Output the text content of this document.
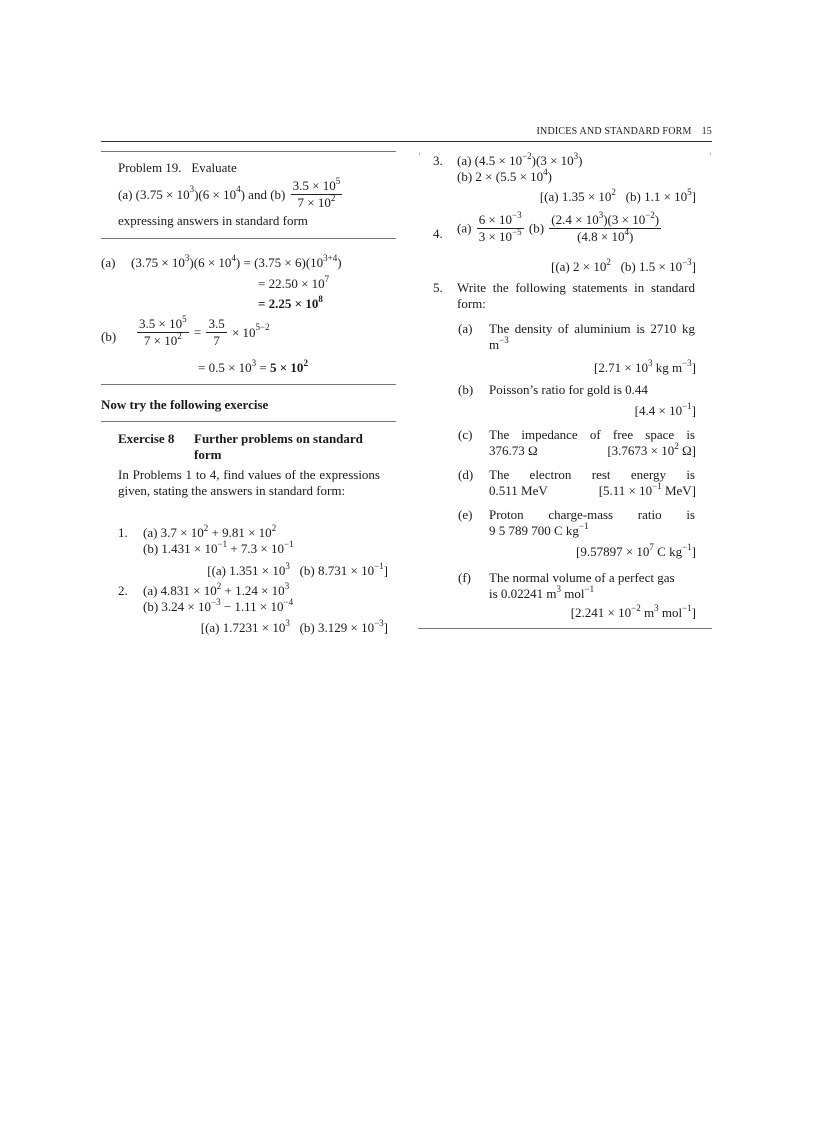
INDICES AND STANDARD FORM 15
Problem 19. Evaluate
(a) $(3.75 \times 10^3)(6 \times 10^4)$ and $(b) \frac{3.5 \times 10^5}{7 \times 10^2}$
expressing answers in standard form
(a) $(3.75 \times 10^3)(6 \times 10^4) = (3.75 \times 6)(10^{3+4})$
= $22.50 \times 10^7$
= $2.25 \times 10^8$
$(b) \frac{3.5 \times 10^5}{7 \times 10^2} = \frac{3.5}{7} \times 10^{5-2}$
= $0.5 \times 10^3 = 5 \times 10^2$
Now try the following exercise
Exercise 8 Further problems on standard form
In Problems 1 to 4, find values of the expressions given, stating the answers in standard form:
1. (a) $3.7 \times 10^2 + 9.81 \times 10^2$
(b) $1.431 \times 10^{-1} + 7.3 \times 10^{-1}$
[(a) $1.351 \times 10^3$ (b) $8.731 \times 10^{-1}$]
2. (a) $4.831 \times 10^2 + 1.24 \times 10^3$
(b) $3.24 \times 10^{-3} - 1.11 \times 10^{-4}$
[(a) $1.7231 \times 10^3$ (b) $3.129 \times 10^{-3}$]
·	·
3. (a) $(4.5 \times 10^{-2})(3 \times 10^3)$
(b) $2 \times (5.5 \times 10^4)$
[(a) $1.35 \times 10^2$ (b) $1.1 \times 10^5$]
4. $(a) \frac{6 \times 10^{-3}}{3 \times 10^{-5}} (b) \frac{(2.4 \times 10^3)(3 \times 10^{-2})}{(4.8 \times 10^4)}$
[(a) $2 \times 10^2$ (b) $1.5 \times 10^{-3}$]
5. Write the following statements in standard form:
(a) The density of aluminium is 2710 kg $m^{-3}$
[$2.71 \times 10^3$ kg $m^{-3}$]
(b) Poisson’s ratio for gold is 0.44
$[4.4 \times 10^{-1}]$
(c) The impedance of free space is
376.73 Ω	[$3.7673 \times 10^2$ Ω]
(d) The electron rest energy is
0.511 MeV	[$5.11 \times 10^{-1}$ MeV]
(e) Proton charge-mass ratio is
9 5 789 700 C $kg^{-1}$
[$9.57897 \times 10^7$ C $kg^{-1}$]
(f) The normal volume of a perfect gas
is 0.02241 $m^3$ mol$^{-1}$
[$2.241 \times 10^{-2}$ $m^3$ mol$^{-1}$]
